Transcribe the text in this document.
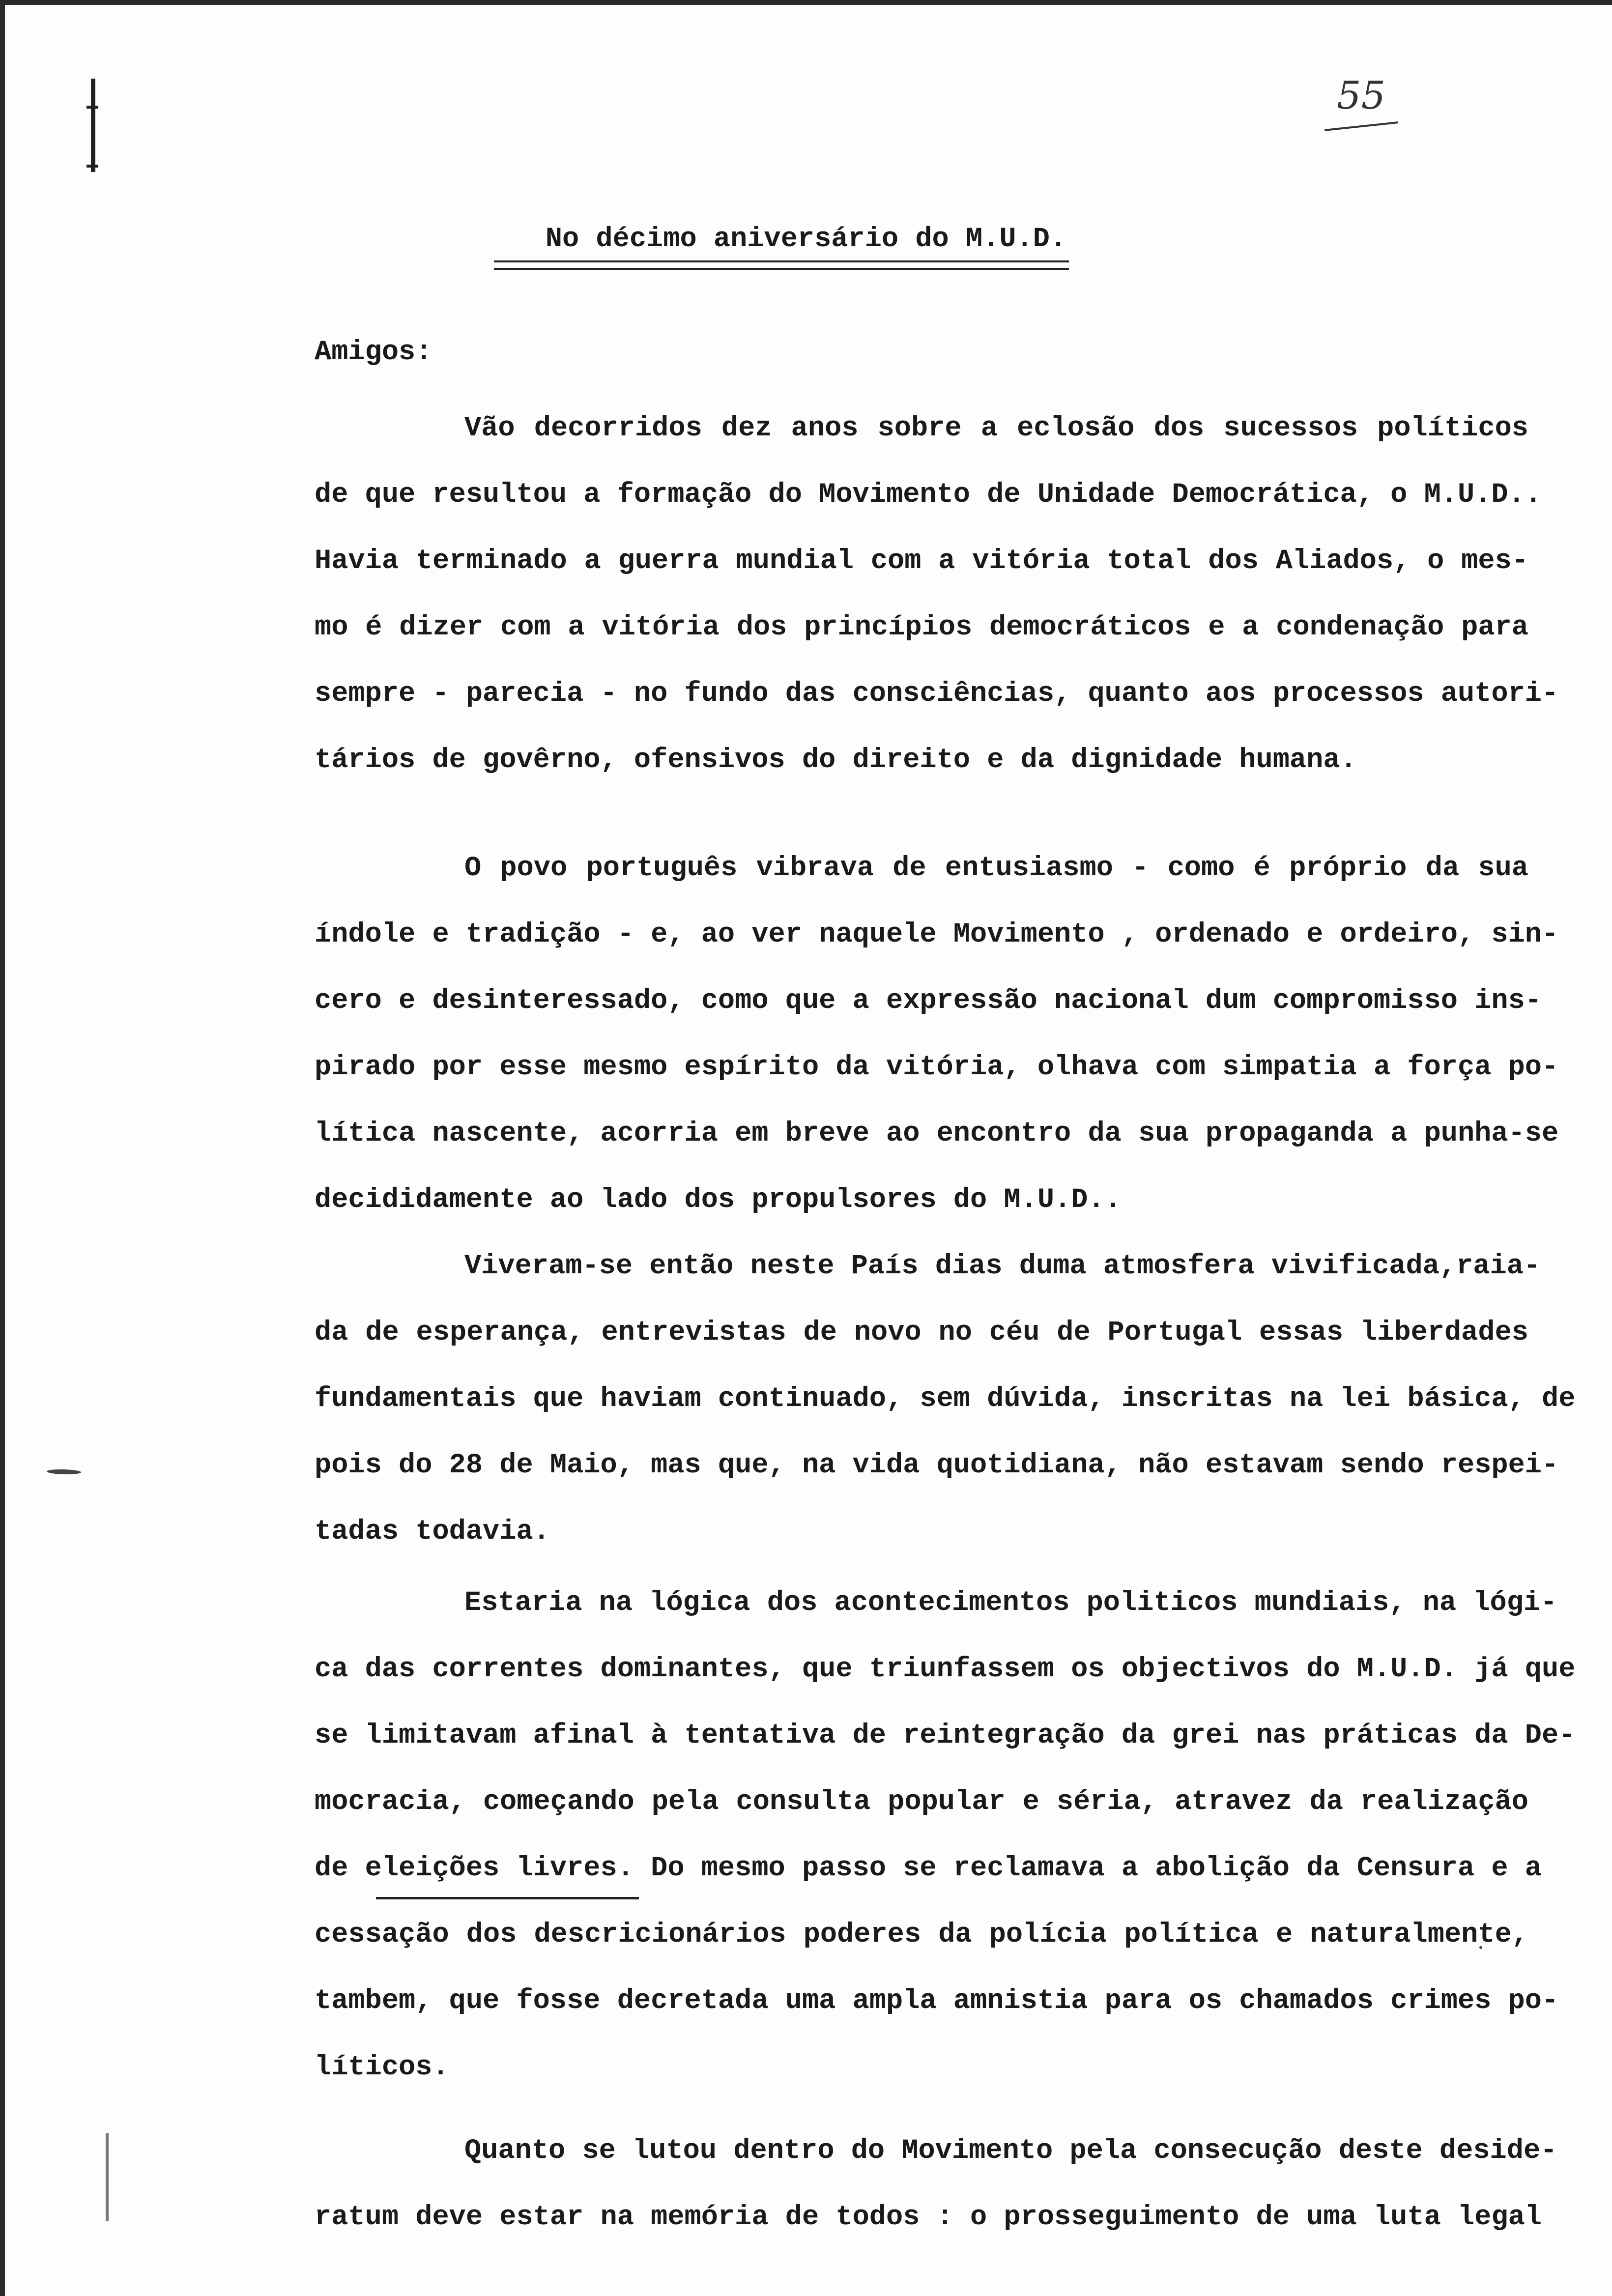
55
No décimo aniversário do M.U.D.
Amigos:
Vão decorridos dez anos sobre a eclosão dos sucessos políticos
de que resultou a formação do Movimento de Unidade Democrática, o M.U.D..
Havia terminado a guerra mundial com a vitória total dos Aliados, o mes-
mo é dizer com a vitória dos princípios democráticos e a condenação para
sempre - parecia - no fundo das consciências, quanto aos processos autori-
tários de govêrno, ofensivos do direito e da dignidade humana.
O povo português vibrava de entusiasmo - como é próprio da sua
índole e tradição - e, ao ver naquele Movimento , ordenado e ordeiro, sin-
cero e desinteressado, como que a expressão nacional dum compromisso ins-
pirado por esse mesmo espírito da vitória, olhava com simpatia a força po-
lítica nascente, acorria em breve ao encontro da sua propaganda a punha-se
decididamente ao lado dos propulsores do M.U.D..
Viveram-se então neste País dias duma atmosfera vivificada,raia-
da de esperança, entrevistas de novo no céu de Portugal essas liberdades
fundamentais que haviam continuado, sem dúvida, inscritas na lei básica, de
pois do 28 de Maio, mas que, na vida quotidiana, não estavam sendo respei-
tadas todavia.
Estaria na lógica dos acontecimentos politicos mundiais, na lógi-
ca das correntes dominantes, que triunfassem os objectivos do M.U.D. já que
se limitavam afinal à tentativa de reintegração da grei nas práticas da De-
mocracia, começando pela consulta popular e séria, atravez da realização
de eleições livres. Do mesmo passo se reclamava a abolição da Censura e a
cessação dos descricionários poderes da polícia política e naturalmente,
tambem, que fosse decretada uma ampla amnistia para os chamados crimes po-
líticos.
Quanto se lutou dentro do Movimento pela consecução deste deside-
ratum deve estar na memória de todos : o prosseguimento de uma luta legal
